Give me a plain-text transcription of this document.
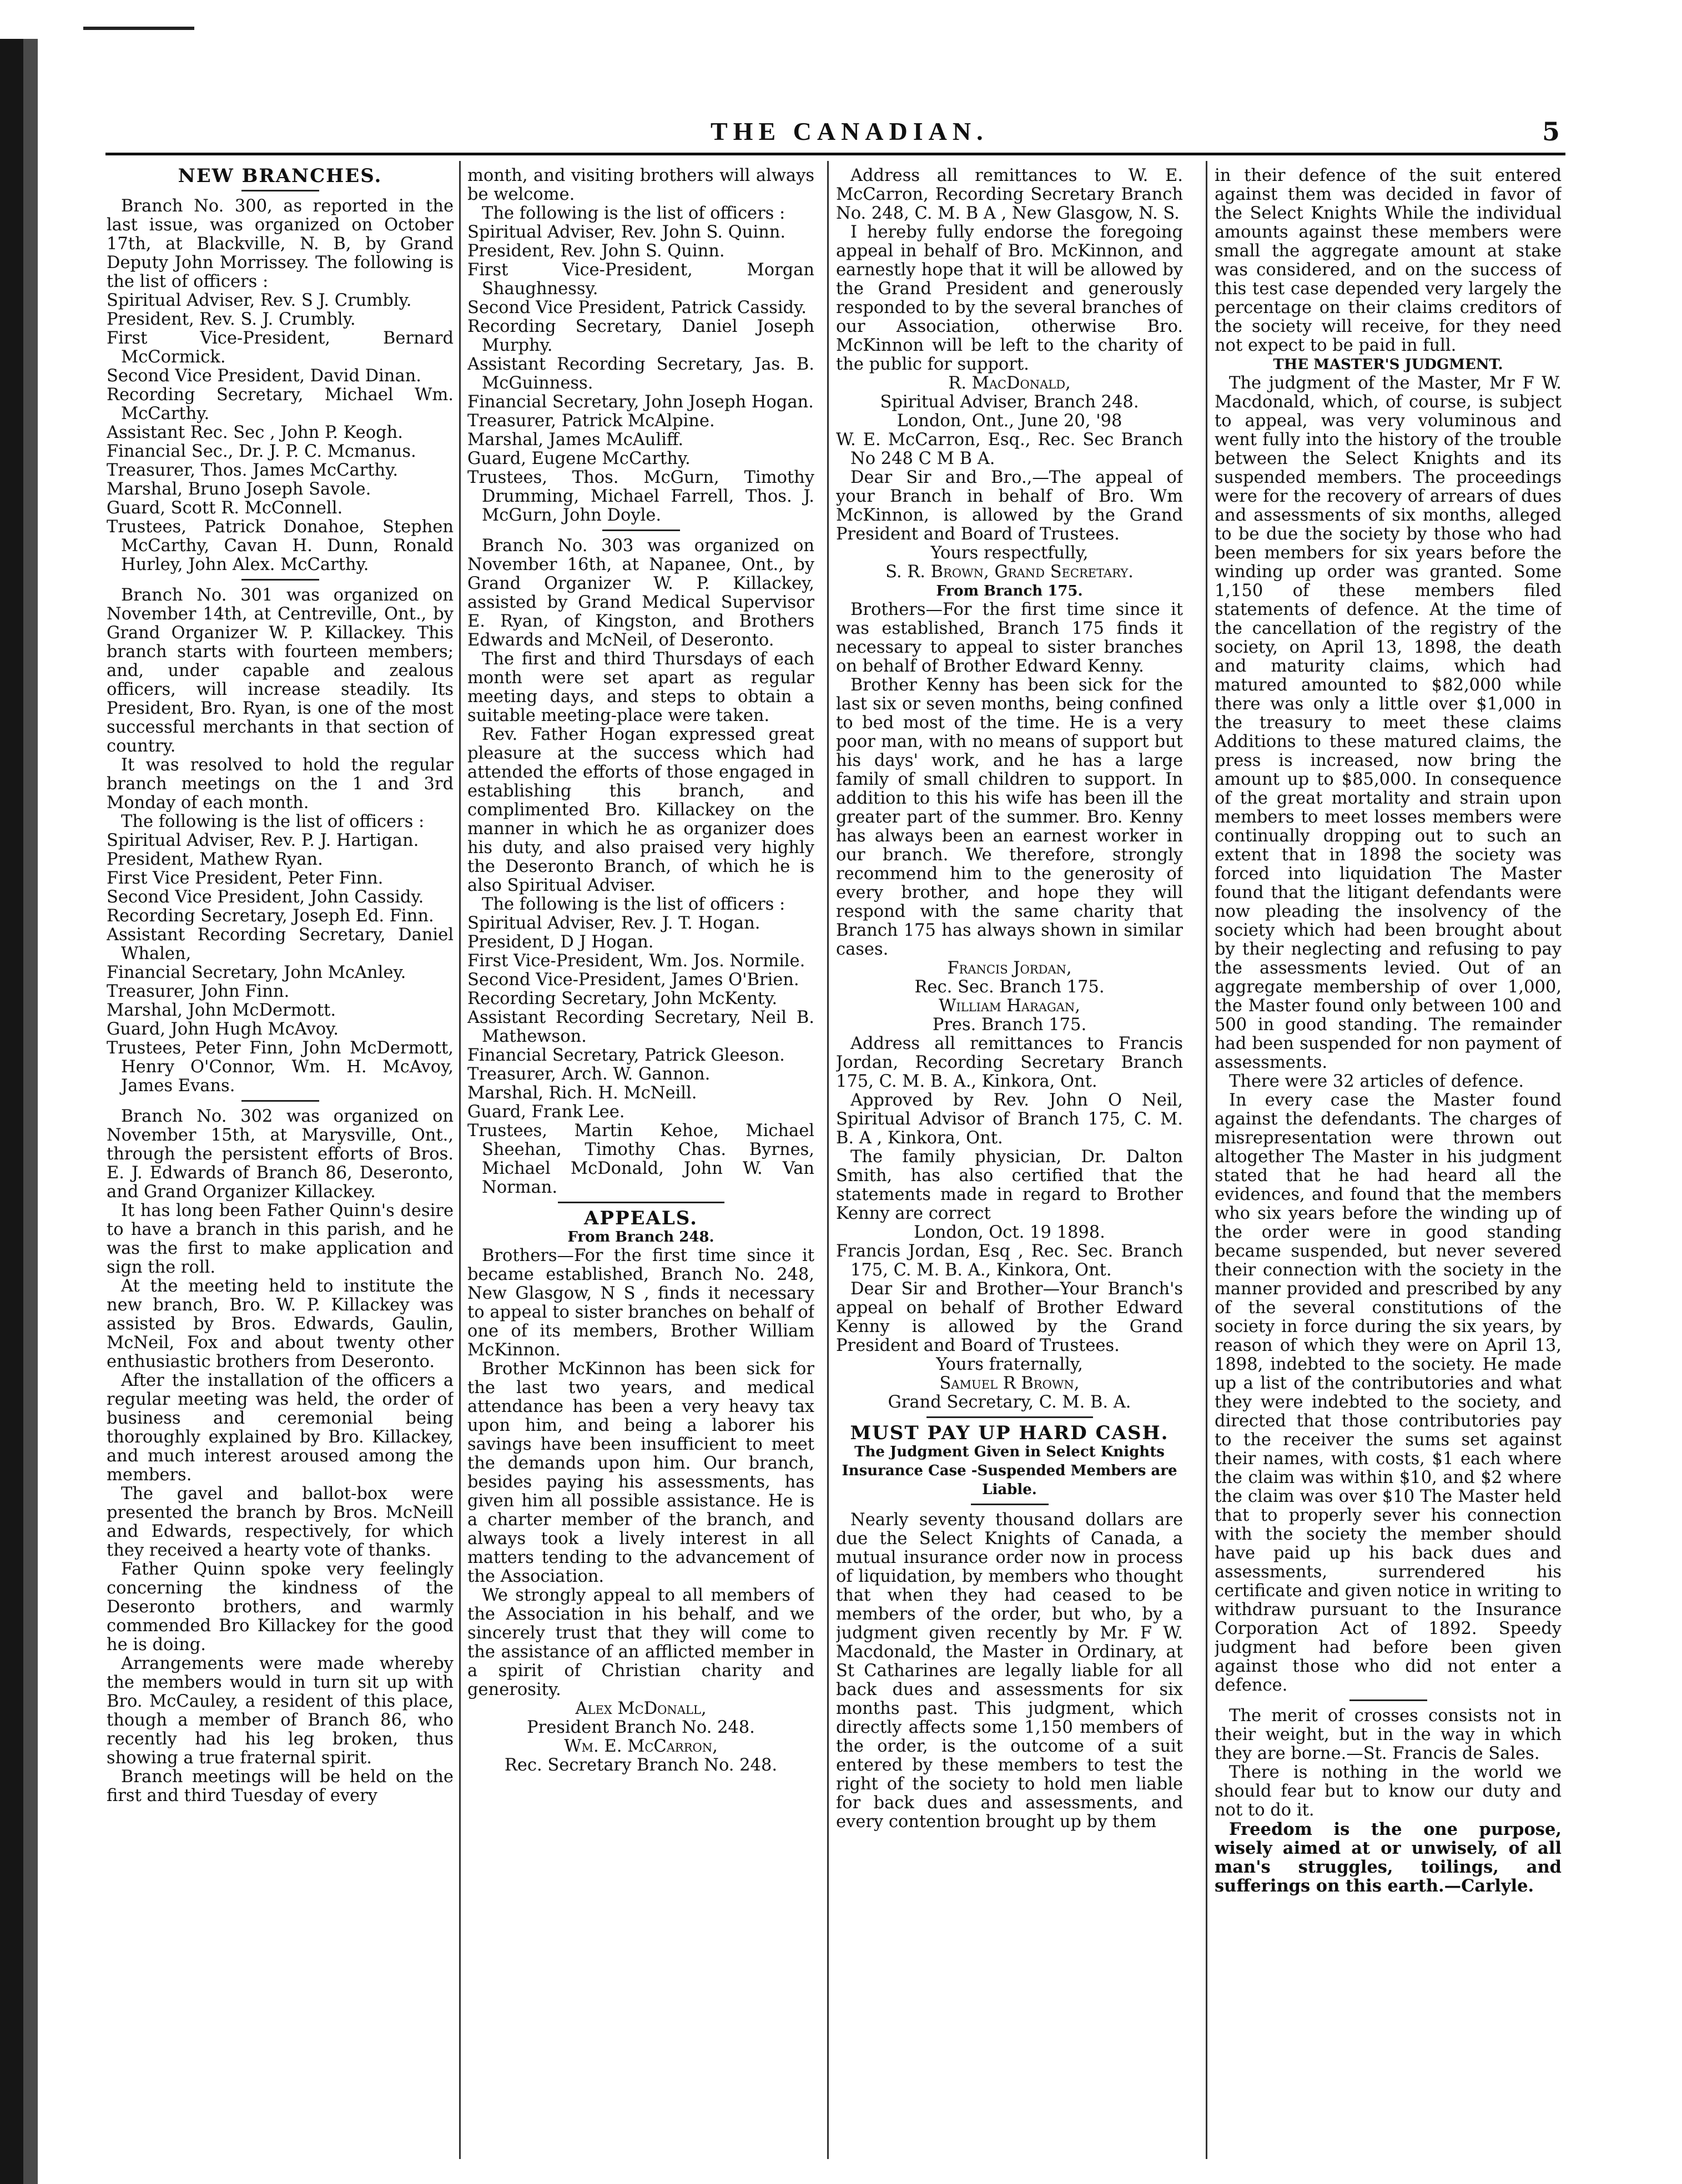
THE CANADIAN.	5

NEW BRANCHES.

Branch No. 300, as reported in the last issue, was organized on October 17th, at Blackville, N. B, by Grand Deputy John Morrissey. The following is the list of officers :

Spiritual Adviser, Rev. S J. Crumbly.

President, Rev. S. J. Crumbly.

First Vice-President, Bernard McCormick.

Second Vice President, David Dinan.

Recording Secretary, Michael Wm. McCarthy.

Assistant Rec. Sec , John P. Keogh.

Financial Sec., Dr. J. P. C. Mcmanus.

Treasurer, Thos. James McCarthy.

Marshal, Bruno Joseph Savole.

Guard, Scott R. McConnell.

Trustees, Patrick Donahoe, Stephen McCarthy, Cavan H. Dunn, Ronald Hurley, John Alex. McCarthy.

Branch No. 301 was organized on November 14th, at Centreville, Ont., by Grand Organizer W. P. Killackey. This branch starts with fourteen members; and, under capable and zealous officers, will increase steadily. Its President, Bro. Ryan, is one of the most successful merchants in that section of country.

It was resolved to hold the regular branch meetings on the 1 and 3rd Monday of each month.

The following is the list of officers :

Spiritual Adviser, Rev. P. J. Hartigan.

President, Mathew Ryan.

First Vice President, Peter Finn.

Second Vice President, John Cassidy.

Recording Secretary, Joseph Ed. Finn.

Assistant Recording Secretary, Daniel Whalen,

Financial Secretary, John McAnley.

Treasurer, John Finn.

Marshal, John McDermott.

Guard, John Hugh McAvoy.

Trustees, Peter Finn, John McDermott, Henry O'Connor, Wm. H. McAvoy, James Evans.

Branch No. 302 was organized on November 15th, at Marysville, Ont., through the persistent efforts of Bros. E. J. Edwards of Branch 86, Deseronto, and Grand Organizer Killackey.

It has long been Father Quinn's desire to have a branch in this parish, and he was the first to make application and sign the roll.

At the meeting held to institute the new branch, Bro. W. P. Killackey was assisted by Bros. Edwards, Gaulin, McNeil, Fox and about twenty other enthusiastic brothers from Deseronto.

After the installation of the officers a regular meeting was held, the order of business and ceremonial being thoroughly explained by Bro. Killackey, and much interest aroused among the members.

The gavel and ballot-box were presented the branch by Bros. McNeill and Edwards, respectively, for which they received a hearty vote of thanks.

Father Quinn spoke very feelingly concerning the kindness of the Deseronto brothers, and warmly commended Bro Killackey for the good he is doing.

Arrangements were made whereby the members would in turn sit up with Bro. McCauley, a resident of this place, though a member of Branch 86, who recently had his leg broken, thus showing a true fraternal spirit.

Branch meetings will be held on the first and third Tuesday of every

month, and visiting brothers will always be welcome.

The following is the list of officers :

Spiritual Adviser, Rev. John S. Quinn.

President, Rev. John S. Quinn.

First Vice-President, Morgan Shaughnessy.

Second Vice President, Patrick Cassidy.

Recording Secretary, Daniel Joseph Murphy.

Assistant Recording Secretary, Jas. B. McGuinness.

Financial Secretary, John Joseph Hogan.

Treasurer, Patrick McAlpine.

Marshal, James McAuliff.

Guard, Eugene McCarthy.

Trustees, Thos. McGurn, Timothy Drumming, Michael Farrell, Thos. J. McGurn, John Doyle.

Branch No. 303 was organized on November 16th, at Napanee, Ont., by Grand Organizer W. P. Killackey, assisted by Grand Medical Supervisor E. Ryan, of Kingston, and Brothers Edwards and McNeil, of Deseronto.

The first and third Thursdays of each month were set apart as regular meeting days, and steps to obtain a suitable meeting-place were taken.

Rev. Father Hogan expressed great pleasure at the success which had attended the efforts of those engaged in establishing this branch, and complimented Bro. Killackey on the manner in which he as organizer does his duty, and also praised very highly the Deseronto Branch, of which he is also Spiritual Adviser.

The following is the list of officers :

Spiritual Adviser, Rev. J. T. Hogan.

President, D J Hogan.

First Vice-President, Wm. Jos. Normile.

Second Vice-President, James O'Brien.

Recording Secretary, John McKenty.

Assistant Recording Secretary, Neil B. Mathewson.

Financial Secretary, Patrick Gleeson.

Treasurer, Arch. W. Gannon.

Marshal, Rich. H. McNeill.

Guard, Frank Lee.

Trustees, Martin Kehoe, Michael Sheehan, Timothy Chas. Byrnes, Michael McDonald, John W. Van Norman.

APPEALS.

From Branch 248.

Brothers—For the first time since it became established, Branch No. 248, New Glasgow, N S , finds it necessary to appeal to sister branches on behalf of one of its members, Brother William McKinnon.

Brother McKinnon has been sick for the last two years, and medical attendance has been a very heavy tax upon him, and being a laborer his savings have been insufficient to meet the demands upon him. Our branch, besides paying his assessments, has given him all possible assistance. He is a charter member of the branch, and always took a lively interest in all matters tending to the advancement of the Association.

We strongly appeal to all members of the Association in his behalf, and we sincerely trust that they will come to the assistance of an afflicted member in a spirit of Christian charity and generosity.

Alex McDonall,

President Branch No. 248.

Wm. E. McCarron,

Rec. Secretary Branch No. 248.

Address all remittances to W. E. McCarron, Recording Secretary Branch No. 248, C. M. B A , New Glasgow, N. S.

I hereby fully endorse the foregoing appeal in behalf of Bro. McKinnon, and earnestly hope that it will be allowed by the Grand President and generously responded to by the several branches of our Association, otherwise Bro. McKinnon will be left to the charity of the public for support.

R. MacDonald,

Spiritual Adviser, Branch 248.

London, Ont., June 20, '98

W. E. McCarron, Esq., Rec. Sec Branch No 248 C M B A.

Dear Sir and Bro.,—The appeal of your Branch in behalf of Bro. Wm McKinnon, is allowed by the Grand President and Board of Trustees.

Yours respectfully,

S. R. Brown, Grand Secretary.

From Branch 175.

Brothers—For the first time since it was established, Branch 175 finds it necessary to appeal to sister branches on behalf of Brother Edward Kenny.

Brother Kenny has been sick for the last six or seven months, being confined to bed most of the time. He is a very poor man, with no means of support but his days' work, and he has a large family of small children to support. In addition to this his wife has been ill the greater part of the summer. Bro. Kenny has always been an earnest worker in our branch. We therefore, strongly recommend him to the generosity of every brother, and hope they will respond with the same charity that Branch 175 has always shown in similar cases.

Francis Jordan,

Rec. Sec. Branch 175.

William Haragan,

Pres. Branch 175.

Address all remittances to Francis Jordan, Recording Secretary Branch 175, C. M. B. A., Kinkora, Ont.

Approved by Rev. John O Neil, Spiritual Advisor of Branch 175, C. M. B. A , Kinkora, Ont.

The family physician, Dr. Dalton Smith, has also certified that the statements made in regard to Brother Kenny are correct

London, Oct. 19 1898.

Francis Jordan, Esq , Rec. Sec. Branch 175, C. M. B. A., Kinkora, Ont.

Dear Sir and Brother—Your Branch's appeal on behalf of Brother Edward Kenny is allowed by the Grand President and Board of Trustees.

Yours fraternally,

Samuel R Brown,

Grand Secretary, C. M. B. A.

MUST PAY UP HARD CASH.

The Judgment Given in Select Knights Insurance Case -Suspended Members are Liable.

Nearly seventy thousand dollars are due the Select Knights of Canada, a mutual insurance order now in process of liquidation, by members who thought that when they had ceased to be members of the order, but who, by a judgment given recently by Mr. F W. Macdonald, the Master in Ordinary, at St Catharines are legally liable for all back dues and assessments for six months past. This judgment, which directly affects some 1,150 members of the order, is the outcome of a suit entered by these members to test the right of the society to hold men liable for back dues and assessments, and every contention brought up by them

in their defence of the suit entered against them was decided in favor of the Select Knights While the individual amounts against these members were small the aggregate amount at stake was considered, and on the success of this test case depended very largely the percentage on their claims creditors of the society will receive, for they need not expect to be paid in full.

THE MASTER'S JUDGMENT.

The judgment of the Master, Mr F W. Macdonald, which, of course, is subject to appeal, was very voluminous and went fully into the history of the trouble between the Select Knights and its suspended members. The proceedings were for the recovery of arrears of dues and assessments of six months, alleged to be due the society by those who had been members for six years before the winding up order was granted. Some 1,150 of these members filed statements of defence. At the time of the cancellation of the registry of the society, on April 13, 1898, the death and maturity claims, which had matured amounted to $82,000 while there was only a little over $1,000 in the treasury to meet these claims Additions to these matured claims, the press is increased, now bring the amount up to $85,000. In consequence of the great mortality and strain upon members to meet losses members were continually dropping out to such an extent that in 1898 the society was forced into liquidation The Master found that the litigant defendants were now pleading the insolvency of the society which had been brought about by their neglecting and refusing to pay the assessments levied. Out of an aggregate membership of over 1,000, the Master found only between 100 and 500 in good standing. The remainder had been suspended for non payment of assessments.

There were 32 articles of defence.

In every case the Master found against the defendants. The charges of misrepresentation were thrown out altogether The Master in his judgment stated that he had heard all the evidences, and found that the members who six years before the winding up of the order were in good standing became suspended, but never severed their connection with the society in the manner provided and prescribed by any of the several constitutions of the society in force during the six years, by reason of which they were on April 13, 1898, indebted to the society. He made up a list of the contributories and what they were indebted to the society, and directed that those contributories pay to the receiver the sums set against their names, with costs, $1 each where the claim was within $10, and $2 where the claim was over $10 The Master held that to properly sever his connection with the society the member should have paid up his back dues and assessments, surrendered his certificate and given notice in writing to withdraw pursuant to the Insurance Corporation Act of 1892. Speedy judgment had before been given against those who did not enter a defence.

The merit of crosses consists not in their weight, but in the way in which they are borne.—St. Francis de Sales.

There is nothing in the world we should fear but to know our duty and not to do it.

Freedom is the one purpose, wisely aimed at or unwisely, of all man's struggles, toilings, and sufferings on this earth.—Carlyle.
